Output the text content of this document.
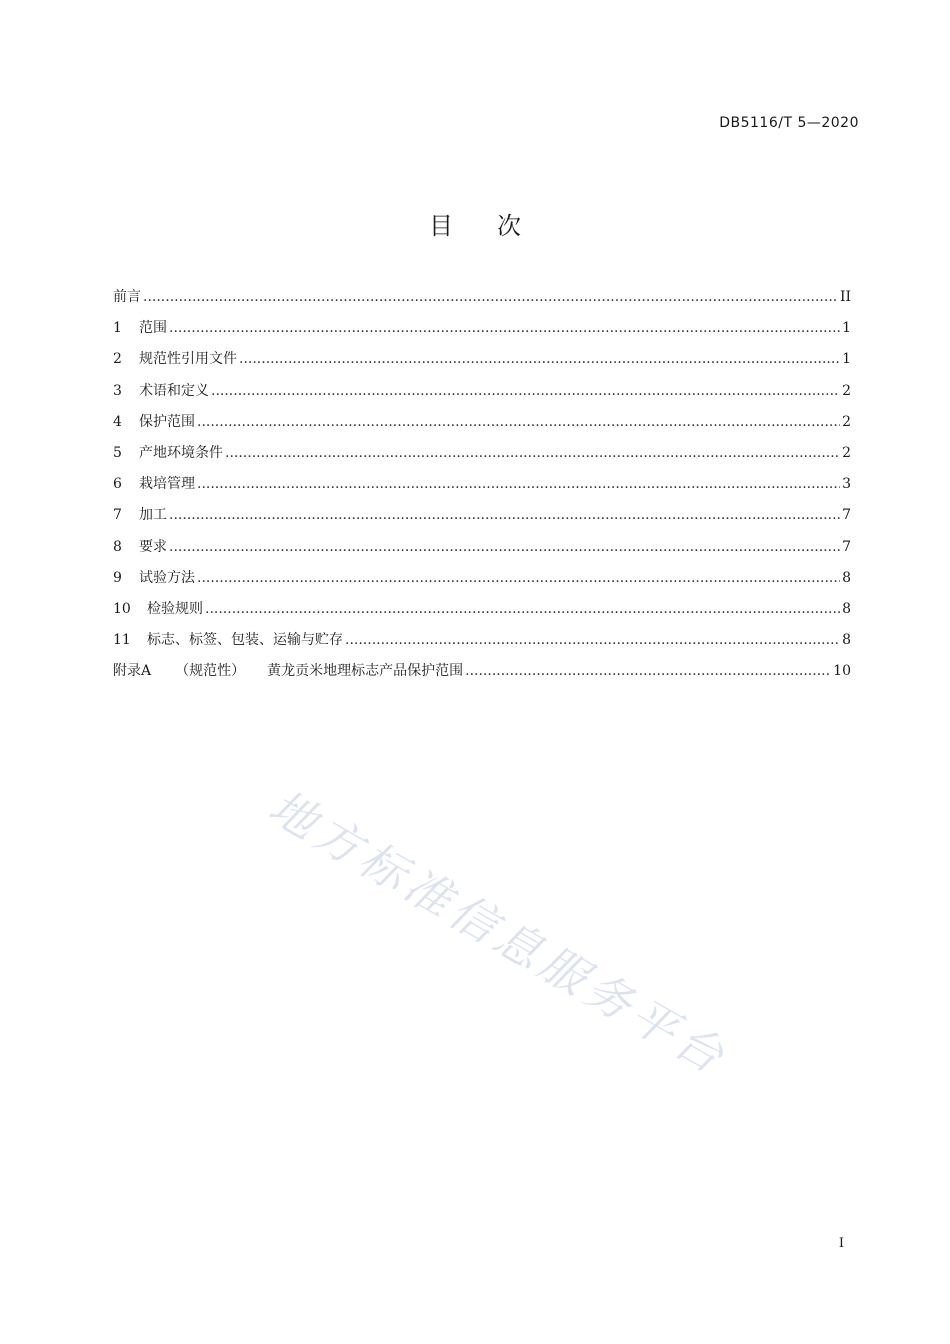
DB5116/T 5—2020
目次
前言 .....	II
1	范围 .....	1
2	规范性引用文件 .....	1
3	术语和定义 .....	2
4	保护范围 .....	2
5	产地环境条件 .....	2
6	栽培管理 .....	3
7	加工 .....	7
8	要求 .....	7
9	试验方法 .....	8
10	检验规则 .....	8
11	标志、标签、包装、运输与贮存 .....	8
附录A （规范性） 黄龙贡米地理标志产品保护范围 .....	10
地方标准信息服务平台
I
